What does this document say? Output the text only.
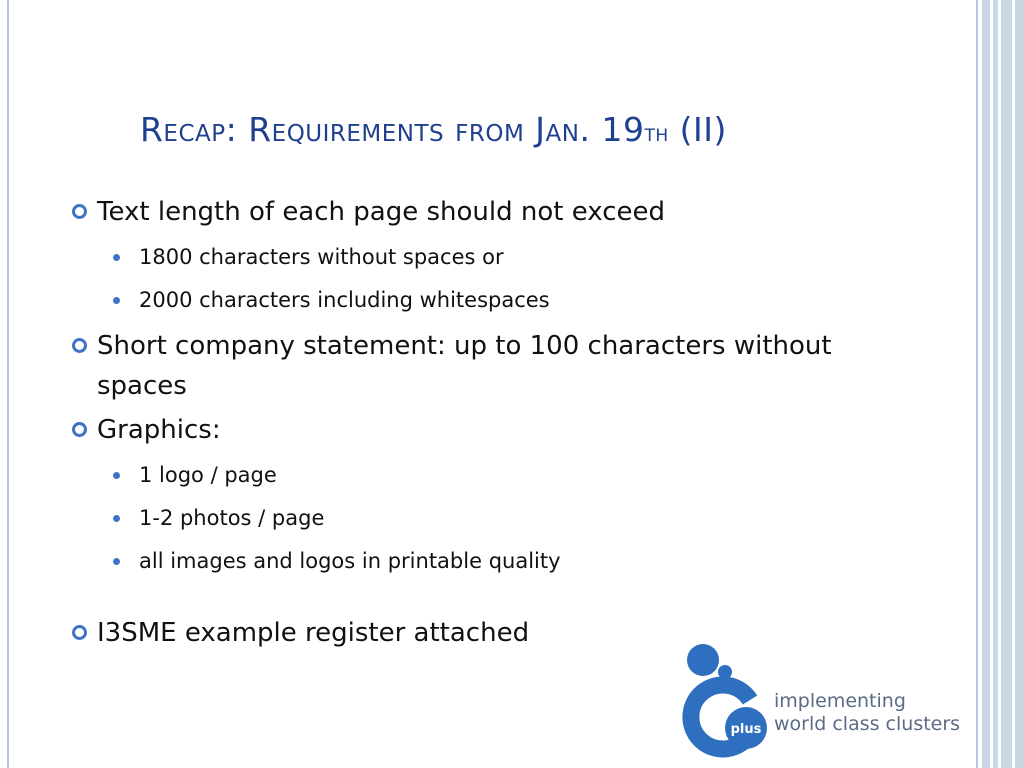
Recap: Requirements from Jan. 19th (II)
Text length of each page should not exceed
1800 characters without spaces or
2000 characters including whitespaces
Short company statement: up to 100 characters without spaces
Graphics:
1 logo / page
1-2 photos / page
all images and logos in printable quality
I3SME example register attached
plus
implementing
world class clusters
